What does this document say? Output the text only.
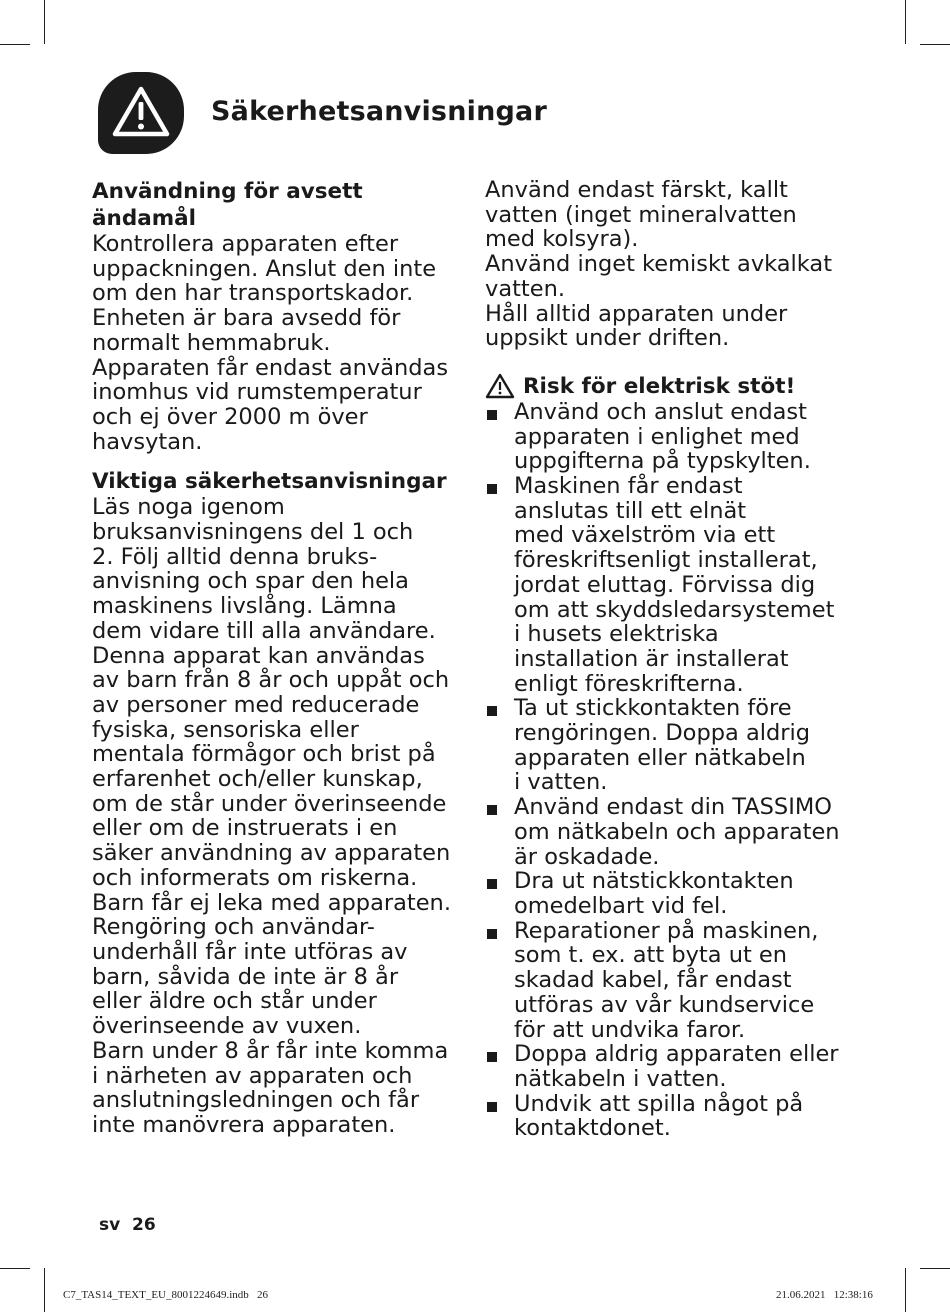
Säkerhetsanvisningar
Användning för avsett
ändamål
Kontrollera apparaten efter
uppackningen. Anslut den inte
om den har transportskador.
Enheten är bara avsedd för
normalt hemmabruk.
Apparaten får endast användas
inomhus vid rumstemperatur
och ej över 2000 m över
havsytan.
Viktiga säkerhetsanvisningar
Läs noga igenom
bruksanvisningens del 1 och
2. Följ alltid denna bruks-
anvisning och spar den hela
maskinens livslång. Lämna
dem vidare till alla användare.
Denna apparat kan användas
av barn från 8 år och uppåt och
av personer med reducerade
fysiska, sensoriska eller
mentala förmågor och brist på
erfarenhet och/eller kunskap,
om de står under överinseende
eller om de instruerats i en
säker användning av apparaten
och informerats om riskerna.
Barn får ej leka med apparaten.
Rengöring och användar-
underhåll får inte utföras av
barn, såvida de inte är 8 år
eller äldre och står under
överinseende av vuxen.
Barn under 8 år får inte komma
i närheten av apparaten och
anslutningsledningen och får
inte manövrera apparaten.
Använd endast färskt, kallt
vatten (inget mineralvatten
med kolsyra).
Använd inget kemiskt avkalkat
vatten.
Håll alltid apparaten under
uppsikt under driften.
Risk för elektrisk stöt!
Använd och anslut endast
apparaten i enlighet med
uppgifterna på typskylten.
Maskinen får endast
anslutas till ett elnät
med växelström via ett
föreskriftsenligt installerat,
jordat eluttag. Förvissa dig
om att skyddsledarsystemet
i husets elektriska
installation är installerat
enligt föreskrifterna.
Ta ut stickkontakten före
rengöringen. Doppa aldrig
apparaten eller nätkabeln
i vatten.
Använd endast din TASSIMO
om nätkabeln och apparaten
är oskadade.
Dra ut nätstickkontakten
omedelbart vid fel.
Reparationer på maskinen,
som t. ex. att byta ut en
skadad kabel, får endast
utföras av vår kundservice
för att undvika faror.
Doppa aldrig apparaten eller
nätkabeln i vatten.
Undvik att spilla något på
kontaktdonet.
sv  26
C7_TAS14_TEXT_EU_8001224649.indb   26	21.06.2021   12:38:16
